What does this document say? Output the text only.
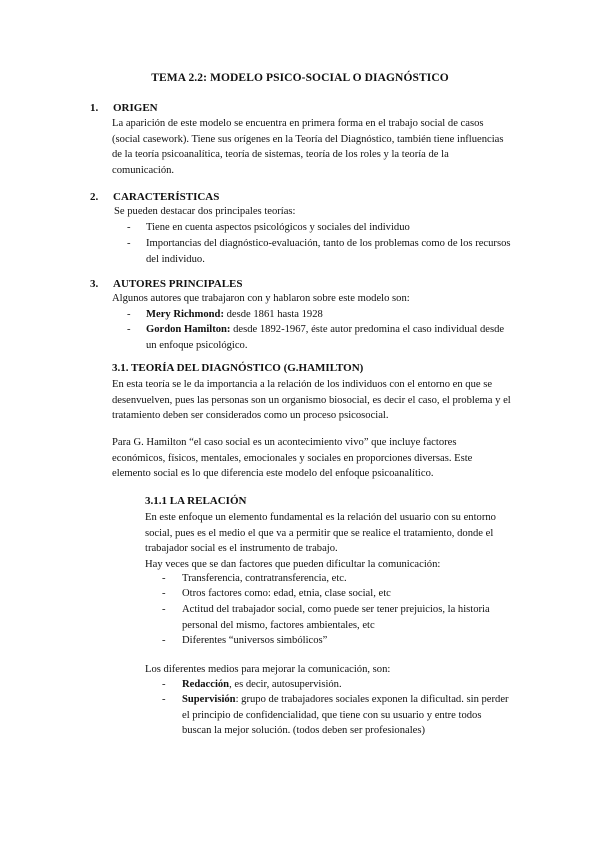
TEMA 2.2: MODELO PSICO-SOCIAL O DIAGNÓSTICO
1. ORIGEN
La aparición de este modelo se encuentra en primera forma en el trabajo social de casos
(social casework). Tiene sus orígenes en la Teoría del Diagnóstico, también tiene influencias
de la teoría psicoanalítica, teoría de sistemas, teoría de los roles y la teoría de la
comunicación.
2. CARACTERÍSTICAS
Se pueden destacar dos principales teorías:
- Tiene en cuenta aspectos psicológicos y sociales del individuo
- Importancias del diagnóstico-evaluación, tanto de los problemas como de los recursos
del individuo.
3. AUTORES PRINCIPALES
Algunos autores que trabajaron con y hablaron sobre este modelo son:
- Mery Richmond: desde 1861 hasta 1928
- Gordon Hamilton: desde 1892-1967, éste autor predomina el caso individual desde
un enfoque psicológico.
3.1. TEORÍA DEL DIAGNÓSTICO (G.HAMILTON)
En esta teoría se le da importancia a la relación de los individuos con el entorno en que se
desenvuelven, pues las personas son un organismo biosocial, es decir el caso, el problema y el
tratamiento deben ser considerados como un proceso psicosocial.
Para G. Hamilton “el caso social es un acontecimiento vivo” que incluye factores
económicos, físicos, mentales, emocionales y sociales en proporciones diversas. Este
elemento social es lo que diferencia este modelo del enfoque psicoanalítico.
3.1.1 LA RELACIÓN
En este enfoque un elemento fundamental es la relación del usuario con su entorno
social, pues es el medio el que va a permitir que se realice el tratamiento, donde el
trabajador social es el instrumento de trabajo.
Hay veces que se dan factores que pueden dificultar la comunicación:
- Transferencia, contratransferencia, etc.
- Otros factores como: edad, etnia, clase social, etc
- Actitud del trabajador social, como puede ser tener prejuicios, la historia
personal del mismo, factores ambientales, etc
- Diferentes “universos simbólicos”
Los diferentes medios para mejorar la comunicación, son:
- Redacción, es decir, autosupervisión.
- Supervisión: grupo de trabajadores sociales exponen la dificultad. sin perder
el principio de confidencialidad, que tiene con su usuario y entre todos
buscan la mejor solución. (todos deben ser profesionales)
